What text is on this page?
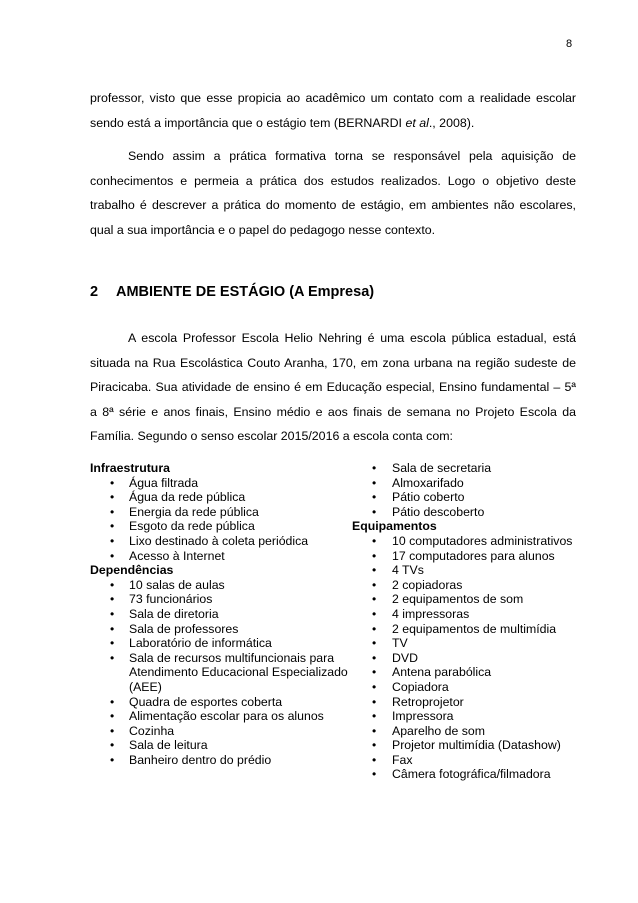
8

professor, visto que esse propicia ao acadêmico um contato com a realidade escolar sendo está a importância que o estágio tem (BERNARDI et al., 2008).

Sendo assim a prática formativa torna se responsável pela aquisição de conhecimentos e permeia a prática dos estudos realizados. Logo o objetivo deste trabalho é descrever a prática do momento de estágio, em ambientes não escolares, qual a sua importância e o papel do pedagogo nesse contexto.

2 AMBIENTE DE ESTÁGIO (A Empresa)

A escola Professor Escola Helio Nehring é uma escola pública estadual, está situada na Rua Escolástica Couto Aranha, 170, em zona urbana na região sudeste de Piracicaba. Sua atividade de ensino é em Educação especial, Ensino fundamental – 5ª a 8ª série e anos finais, Ensino médio e aos finais de semana no Projeto Escola da Família. Segundo o senso escolar 2015/2016 a escola conta com:

Infraestrutura
• Água filtrada
• Água da rede pública
• Energia da rede pública
• Esgoto da rede pública
• Lixo destinado à coleta periódica
• Acesso à Internet
Dependências
• 10 salas de aulas
• 73 funcionários
• Sala de diretoria
• Sala de professores
• Laboratório de informática
• Sala de recursos multifuncionais para Atendimento Educacional Especializado (AEE)
• Quadra de esportes coberta
• Alimentação escolar para os alunos
• Cozinha
• Sala de leitura
• Banheiro dentro do prédio
• Sala de secretaria
• Almoxarifado
• Pátio coberto
• Pátio descoberto
Equipamentos
• 10 computadores administrativos
• 17 computadores para alunos
• 4 TVs
• 2 copiadoras
• 2 equipamentos de som
• 4 impressoras
• 2 equipamentos de multimídia
• TV
• DVD
• Antena parabólica
• Copiadora
• Retroprojetor
• Impressora
• Aparelho de som
• Projetor multimídia (Datashow)
• Fax
• Câmera fotográfica/filmadora
